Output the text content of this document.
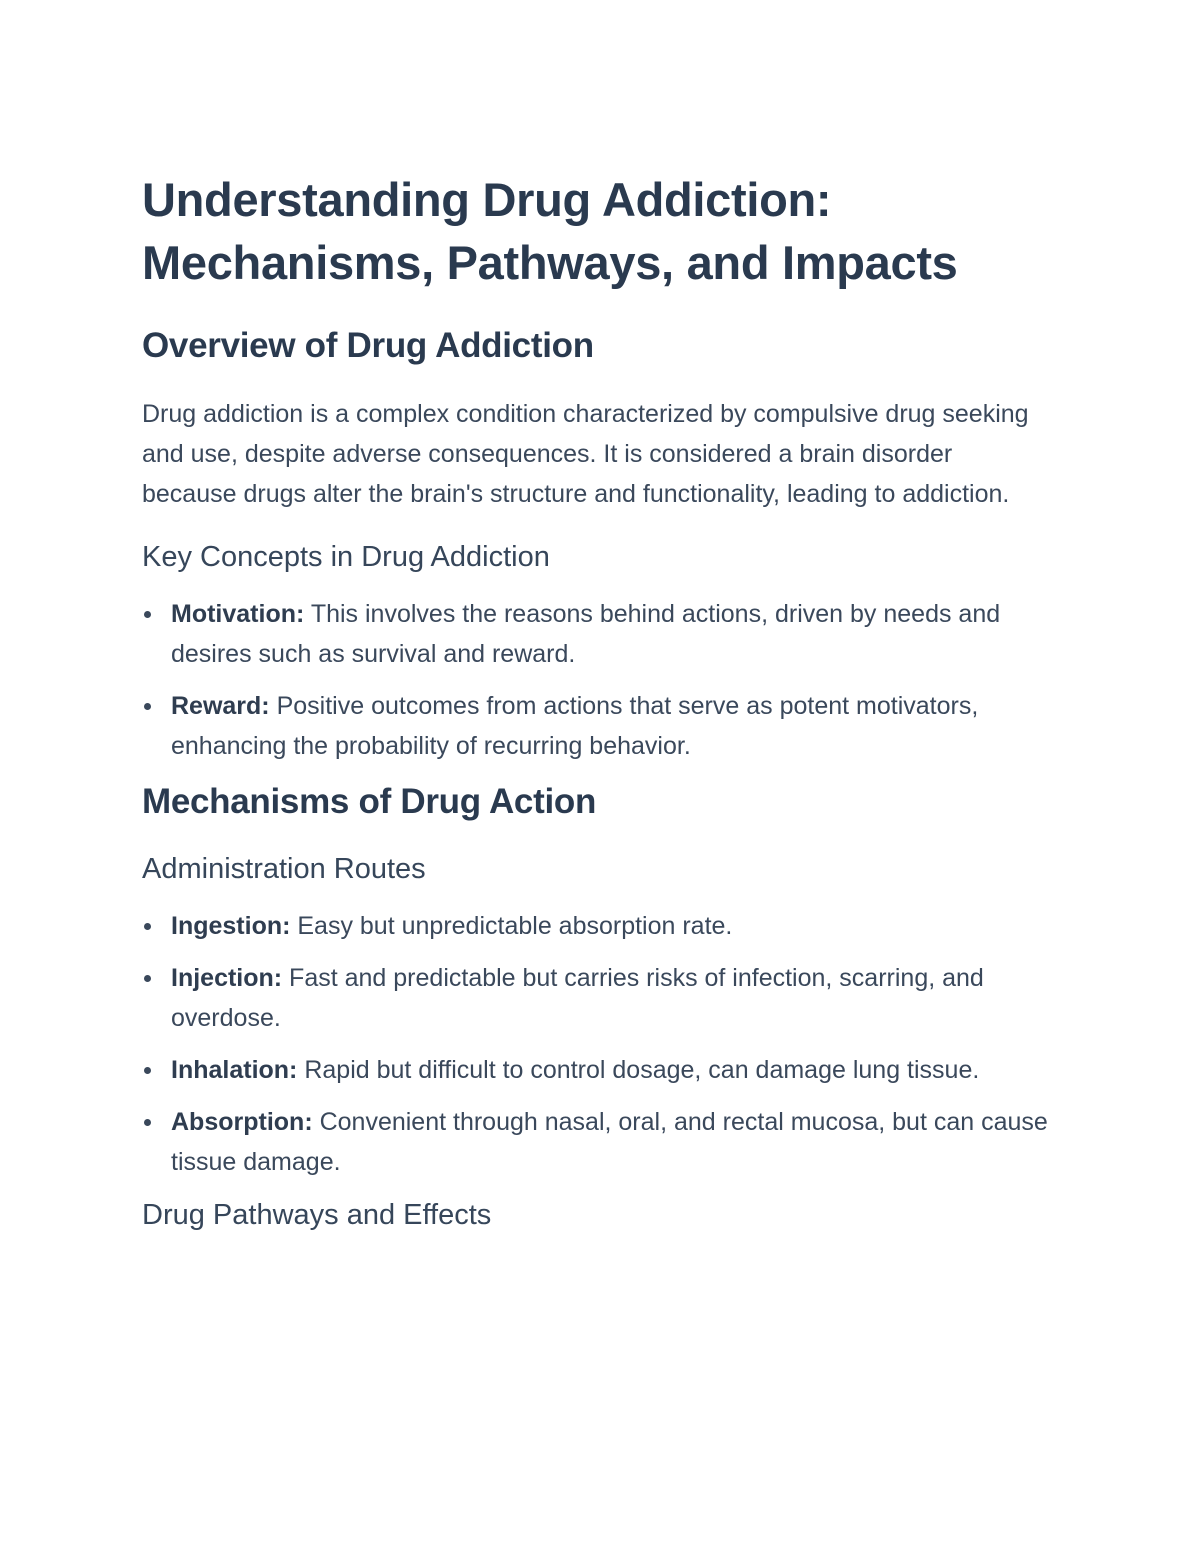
Understanding Drug Addiction: Mechanisms, Pathways, and Impacts
Overview of Drug Addiction

Drug addiction is a complex condition characterized by compulsive drug seeking and use, despite adverse consequences. It is considered a brain disorder because drugs alter the brain's structure and functionality, leading to addiction.

Key Concepts in Drug Addiction
Motivation: This involves the reasons behind actions, driven by needs and desires such as survival and reward.
Reward: Positive outcomes from actions that serve as potent motivators, enhancing the probability of recurring behavior.
Mechanisms of Drug Action
Administration Routes
Ingestion: Easy but unpredictable absorption rate.
Injection: Fast and predictable but carries risks of infection, scarring, and overdose.
Inhalation: Rapid but difficult to control dosage, can damage lung tissue.
Absorption: Convenient through nasal, oral, and rectal mucosa, but can cause tissue damage.
Drug Pathways and Effects
